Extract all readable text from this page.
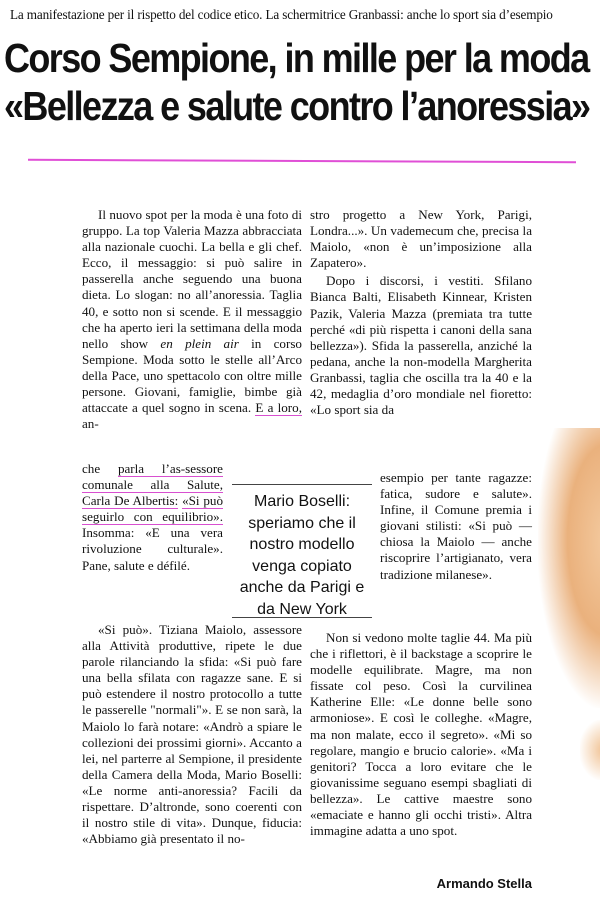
La manifestazione per il rispetto del codice etico. La schermitrice Granbassi: anche lo sport sia d’esempio
Corso Sempione, in mille per la moda
«Bellezza e salute contro l’anoressia»

Il nuovo spot per la moda è una foto di gruppo. La top Valeria Mazza abbracciata alla nazionale cuochi. La bella e gli chef. Ecco, il messaggio: si può salire in passerella anche seguendo una buona dieta. Lo slogan: no all’anoressia. Taglia 40, e sotto non si scende. E il messaggio che ha aperto ieri la settimana della moda nello show en plein air in corso Sempione. Moda sotto le stelle all’Arco della Pace, uno spettacolo con oltre mille persone. Giovani, famiglie, bimbe già attaccate a quel sogno in scena. E a loro, an-

che parla l’as-sessore comunale alla Salute, Carla De Albertis: «Si può seguirlo con equilibrio». Insomma: «E una vera rivoluzione culturale». Pane, salute e défilé.

«Si può». Tiziana Maiolo, assessore alla Attività produttive, ripete le due parole rilanciando la sfida: «Si può fare una bella sfilata con ragazze sane. E si può estendere il nostro protocollo a tutte le passerelle "normali"». E se non sarà, la Maiolo lo farà notare: «Andrò a spiare le collezioni dei prossimi giorni». Accanto a lei, nel parterre al Sempione, il presidente della Camera della Moda, Mario Boselli: «Le norme anti-anoressia? Facili da rispettare. D’altronde, sono coerenti con il nostro stile di vita». Dunque, fiducia: «Abbiamo già presentato il no-

Mario Boselli: speriamo che il nostro modello venga copiato anche da Parigi e da New York

stro progetto a New York, Parigi, Londra...». Un vademecum che, precisa la Maiolo, «non è un’imposizione alla Zapatero».

Dopo i discorsi, i vestiti. Sfilano Bianca Balti, Elisabeth Kinnear, Kristen Pazik, Valeria Mazza (premiata tra tutte perché «di più rispetta i canoni della sana bellezza»). Sfida la passerella, anziché la pedana, anche la non-modella Margherita Granbassi, taglia che oscilla tra la 40 e la 42, medaglia d’oro mondiale nel fioretto: «Lo sport sia da

esempio per tante ragazze: fatica, sudore e salute». Infine, il Comune premia i giovani stilisti: «Si può — chiosa la Maiolo — anche riscoprire l’artigianato, vera tradizione milanese».

Non si vedono molte taglie 44. Ma più che i riflettori, è il backstage a scoprire le modelle equilibrate. Magre, ma non fissate col peso. Così la curvilinea Katherine Elle: «Le donne belle sono armoniose». E così le colleghe. «Magre, ma non malate, ecco il segreto». «Mi so regolare, mangio e brucio calorie». «Ma i genitori? Tocca a loro evitare che le giovanissime seguano esempi sbagliati di bellezza». Le cattive maestre sono «emaciate e hanno gli occhi tristi». Altra immagine adatta a uno spot.

Armando Stella
